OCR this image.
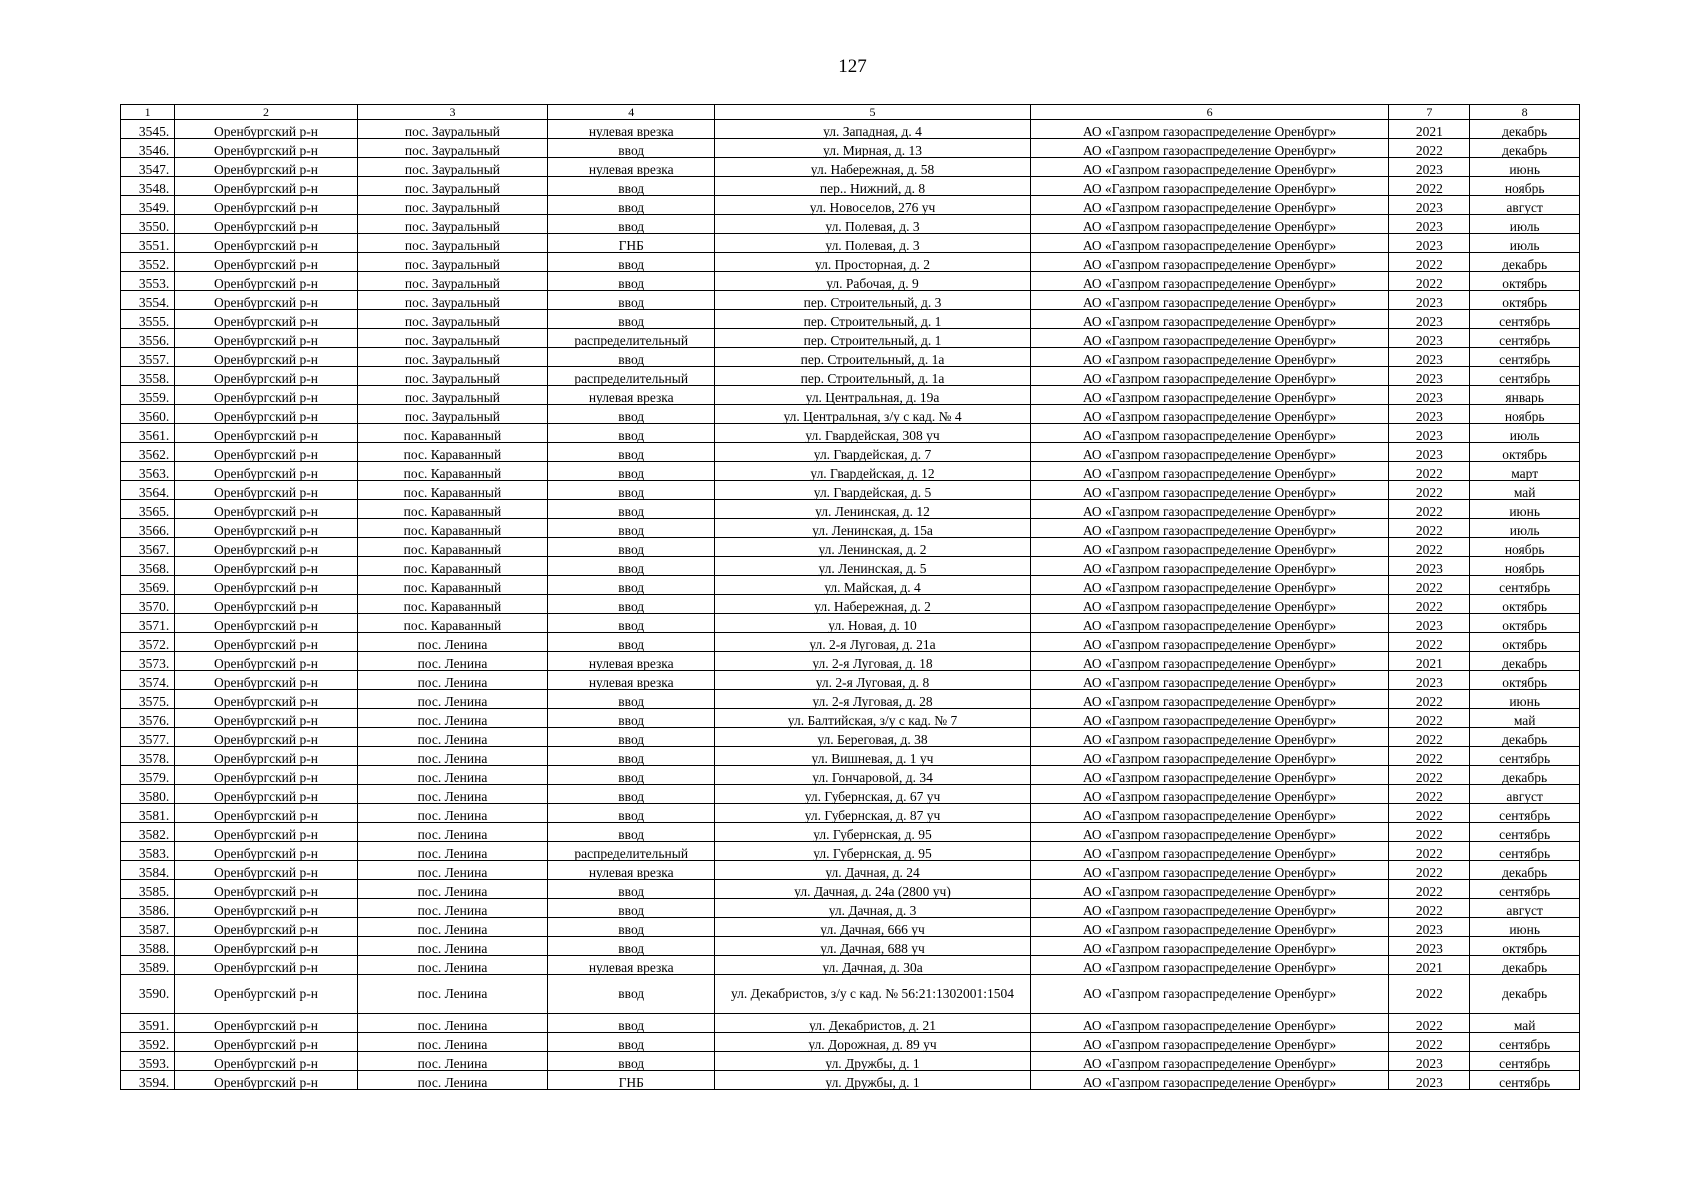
127
1	2	3	4	5	6	7	8
3545.	Оренбургский р-н	пос. Зауральный	нулевая врезка	ул. Западная, д. 4	АО «Газпром газораспределение Оренбург»	2021	декабрь
3546.	Оренбургский р-н	пос. Зауральный	ввод	ул. Мирная, д. 13	АО «Газпром газораспределение Оренбург»	2022	декабрь
3547.	Оренбургский р-н	пос. Зауральный	нулевая врезка	ул. Набережная, д. 58	АО «Газпром газораспределение Оренбург»	2023	июнь
3548.	Оренбургский р-н	пос. Зауральный	ввод	пер.. Нижний, д. 8	АО «Газпром газораспределение Оренбург»	2022	ноябрь
3549.	Оренбургский р-н	пос. Зауральный	ввод	ул. Новоселов, 276 уч	АО «Газпром газораспределение Оренбург»	2023	август
3550.	Оренбургский р-н	пос. Зауральный	ввод	ул. Полевая, д. 3	АО «Газпром газораспределение Оренбург»	2023	июль
3551.	Оренбургский р-н	пос. Зауральный	ГНБ	ул. Полевая, д. 3	АО «Газпром газораспределение Оренбург»	2023	июль
3552.	Оренбургский р-н	пос. Зауральный	ввод	ул. Просторная, д. 2	АО «Газпром газораспределение Оренбург»	2022	декабрь
3553.	Оренбургский р-н	пос. Зауральный	ввод	ул. Рабочая, д. 9	АО «Газпром газораспределение Оренбург»	2022	октябрь
3554.	Оренбургский р-н	пос. Зауральный	ввод	пер. Строительный, д. 3	АО «Газпром газораспределение Оренбург»	2023	октябрь
3555.	Оренбургский р-н	пос. Зауральный	ввод	пер. Строительный, д. 1	АО «Газпром газораспределение Оренбург»	2023	сентябрь
3556.	Оренбургский р-н	пос. Зауральный	распределительный	пер. Строительный, д. 1	АО «Газпром газораспределение Оренбург»	2023	сентябрь
3557.	Оренбургский р-н	пос. Зауральный	ввод	пер. Строительный, д. 1а	АО «Газпром газораспределение Оренбург»	2023	сентябрь
3558.	Оренбургский р-н	пос. Зауральный	распределительный	пер. Строительный, д. 1а	АО «Газпром газораспределение Оренбург»	2023	сентябрь
3559.	Оренбургский р-н	пос. Зауральный	нулевая врезка	ул. Центральная, д. 19а	АО «Газпром газораспределение Оренбург»	2023	январь
3560.	Оренбургский р-н	пос. Зауральный	ввод	ул. Центральная, з/у с кад. № 4	АО «Газпром газораспределение Оренбург»	2023	ноябрь
3561.	Оренбургский р-н	пос. Караванный	ввод	ул. Гвардейская, 308 уч	АО «Газпром газораспределение Оренбург»	2023	июль
3562.	Оренбургский р-н	пос. Караванный	ввод	ул. Гвардейская, д. 7	АО «Газпром газораспределение Оренбург»	2023	октябрь
3563.	Оренбургский р-н	пос. Караванный	ввод	ул. Гвардейская, д. 12	АО «Газпром газораспределение Оренбург»	2022	март
3564.	Оренбургский р-н	пос. Караванный	ввод	ул. Гвардейская, д. 5	АО «Газпром газораспределение Оренбург»	2022	май
3565.	Оренбургский р-н	пос. Караванный	ввод	ул. Ленинская, д. 12	АО «Газпром газораспределение Оренбург»	2022	июнь
3566.	Оренбургский р-н	пос. Караванный	ввод	ул. Ленинская, д. 15а	АО «Газпром газораспределение Оренбург»	2022	июль
3567.	Оренбургский р-н	пос. Караванный	ввод	ул. Ленинская, д. 2	АО «Газпром газораспределение Оренбург»	2022	ноябрь
3568.	Оренбургский р-н	пос. Караванный	ввод	ул. Ленинская, д. 5	АО «Газпром газораспределение Оренбург»	2023	ноябрь
3569.	Оренбургский р-н	пос. Караванный	ввод	ул. Майская, д. 4	АО «Газпром газораспределение Оренбург»	2022	сентябрь
3570.	Оренбургский р-н	пос. Караванный	ввод	ул. Набережная, д. 2	АО «Газпром газораспределение Оренбург»	2022	октябрь
3571.	Оренбургский р-н	пос. Караванный	ввод	ул. Новая, д. 10	АО «Газпром газораспределение Оренбург»	2023	октябрь
3572.	Оренбургский р-н	пос. Ленина	ввод	ул. 2-я Луговая, д. 21а	АО «Газпром газораспределение Оренбург»	2022	октябрь
3573.	Оренбургский р-н	пос. Ленина	нулевая врезка	ул. 2-я Луговая, д. 18	АО «Газпром газораспределение Оренбург»	2021	декабрь
3574.	Оренбургский р-н	пос. Ленина	нулевая врезка	ул. 2-я Луговая, д. 8	АО «Газпром газораспределение Оренбург»	2023	октябрь
3575.	Оренбургский р-н	пос. Ленина	ввод	ул. 2-я Луговая, д. 28	АО «Газпром газораспределение Оренбург»	2022	июнь
3576.	Оренбургский р-н	пос. Ленина	ввод	ул. Балтийская, з/у с кад. № 7	АО «Газпром газораспределение Оренбург»	2022	май
3577.	Оренбургский р-н	пос. Ленина	ввод	ул. Береговая, д. 38	АО «Газпром газораспределение Оренбург»	2022	декабрь
3578.	Оренбургский р-н	пос. Ленина	ввод	ул. Вишневая, д. 1 уч	АО «Газпром газораспределение Оренбург»	2022	сентябрь
3579.	Оренбургский р-н	пос. Ленина	ввод	ул. Гончаровой, д. 34	АО «Газпром газораспределение Оренбург»	2022	декабрь
3580.	Оренбургский р-н	пос. Ленина	ввод	ул. Губернская, д. 67 уч	АО «Газпром газораспределение Оренбург»	2022	август
3581.	Оренбургский р-н	пос. Ленина	ввод	ул. Губернская, д. 87 уч	АО «Газпром газораспределение Оренбург»	2022	сентябрь
3582.	Оренбургский р-н	пос. Ленина	ввод	ул. Губернская, д. 95	АО «Газпром газораспределение Оренбург»	2022	сентябрь
3583.	Оренбургский р-н	пос. Ленина	распределительный	ул. Губернская, д. 95	АО «Газпром газораспределение Оренбург»	2022	сентябрь
3584.	Оренбургский р-н	пос. Ленина	нулевая врезка	ул. Дачная, д. 24	АО «Газпром газораспределение Оренбург»	2022	декабрь
3585.	Оренбургский р-н	пос. Ленина	ввод	ул. Дачная, д. 24а (2800 уч)	АО «Газпром газораспределение Оренбург»	2022	сентябрь
3586.	Оренбургский р-н	пос. Ленина	ввод	ул. Дачная, д. 3	АО «Газпром газораспределение Оренбург»	2022	август
3587.	Оренбургский р-н	пос. Ленина	ввод	ул. Дачная, 666 уч	АО «Газпром газораспределение Оренбург»	2023	июнь
3588.	Оренбургский р-н	пос. Ленина	ввод	ул. Дачная, 688 уч	АО «Газпром газораспределение Оренбург»	2023	октябрь
3589.	Оренбургский р-н	пос. Ленина	нулевая врезка	ул. Дачная, д. 30а	АО «Газпром газораспределение Оренбург»	2021	декабрь
3590.	Оренбургский р-н	пос. Ленина	ввод	ул. Декабристов, з/у с кад. № 56:21:1302001:1504	АО «Газпром газораспределение Оренбург»	2022	декабрь
3591.	Оренбургский р-н	пос. Ленина	ввод	ул. Декабристов, д. 21	АО «Газпром газораспределение Оренбург»	2022	май
3592.	Оренбургский р-н	пос. Ленина	ввод	ул. Дорожная, д. 89 уч	АО «Газпром газораспределение Оренбург»	2022	сентябрь
3593.	Оренбургский р-н	пос. Ленина	ввод	ул. Дружбы, д. 1	АО «Газпром газораспределение Оренбург»	2023	сентябрь
3594.	Оренбургский р-н	пос. Ленина	ГНБ	ул. Дружбы, д. 1	АО «Газпром газораспределение Оренбург»	2023	сентябрь
